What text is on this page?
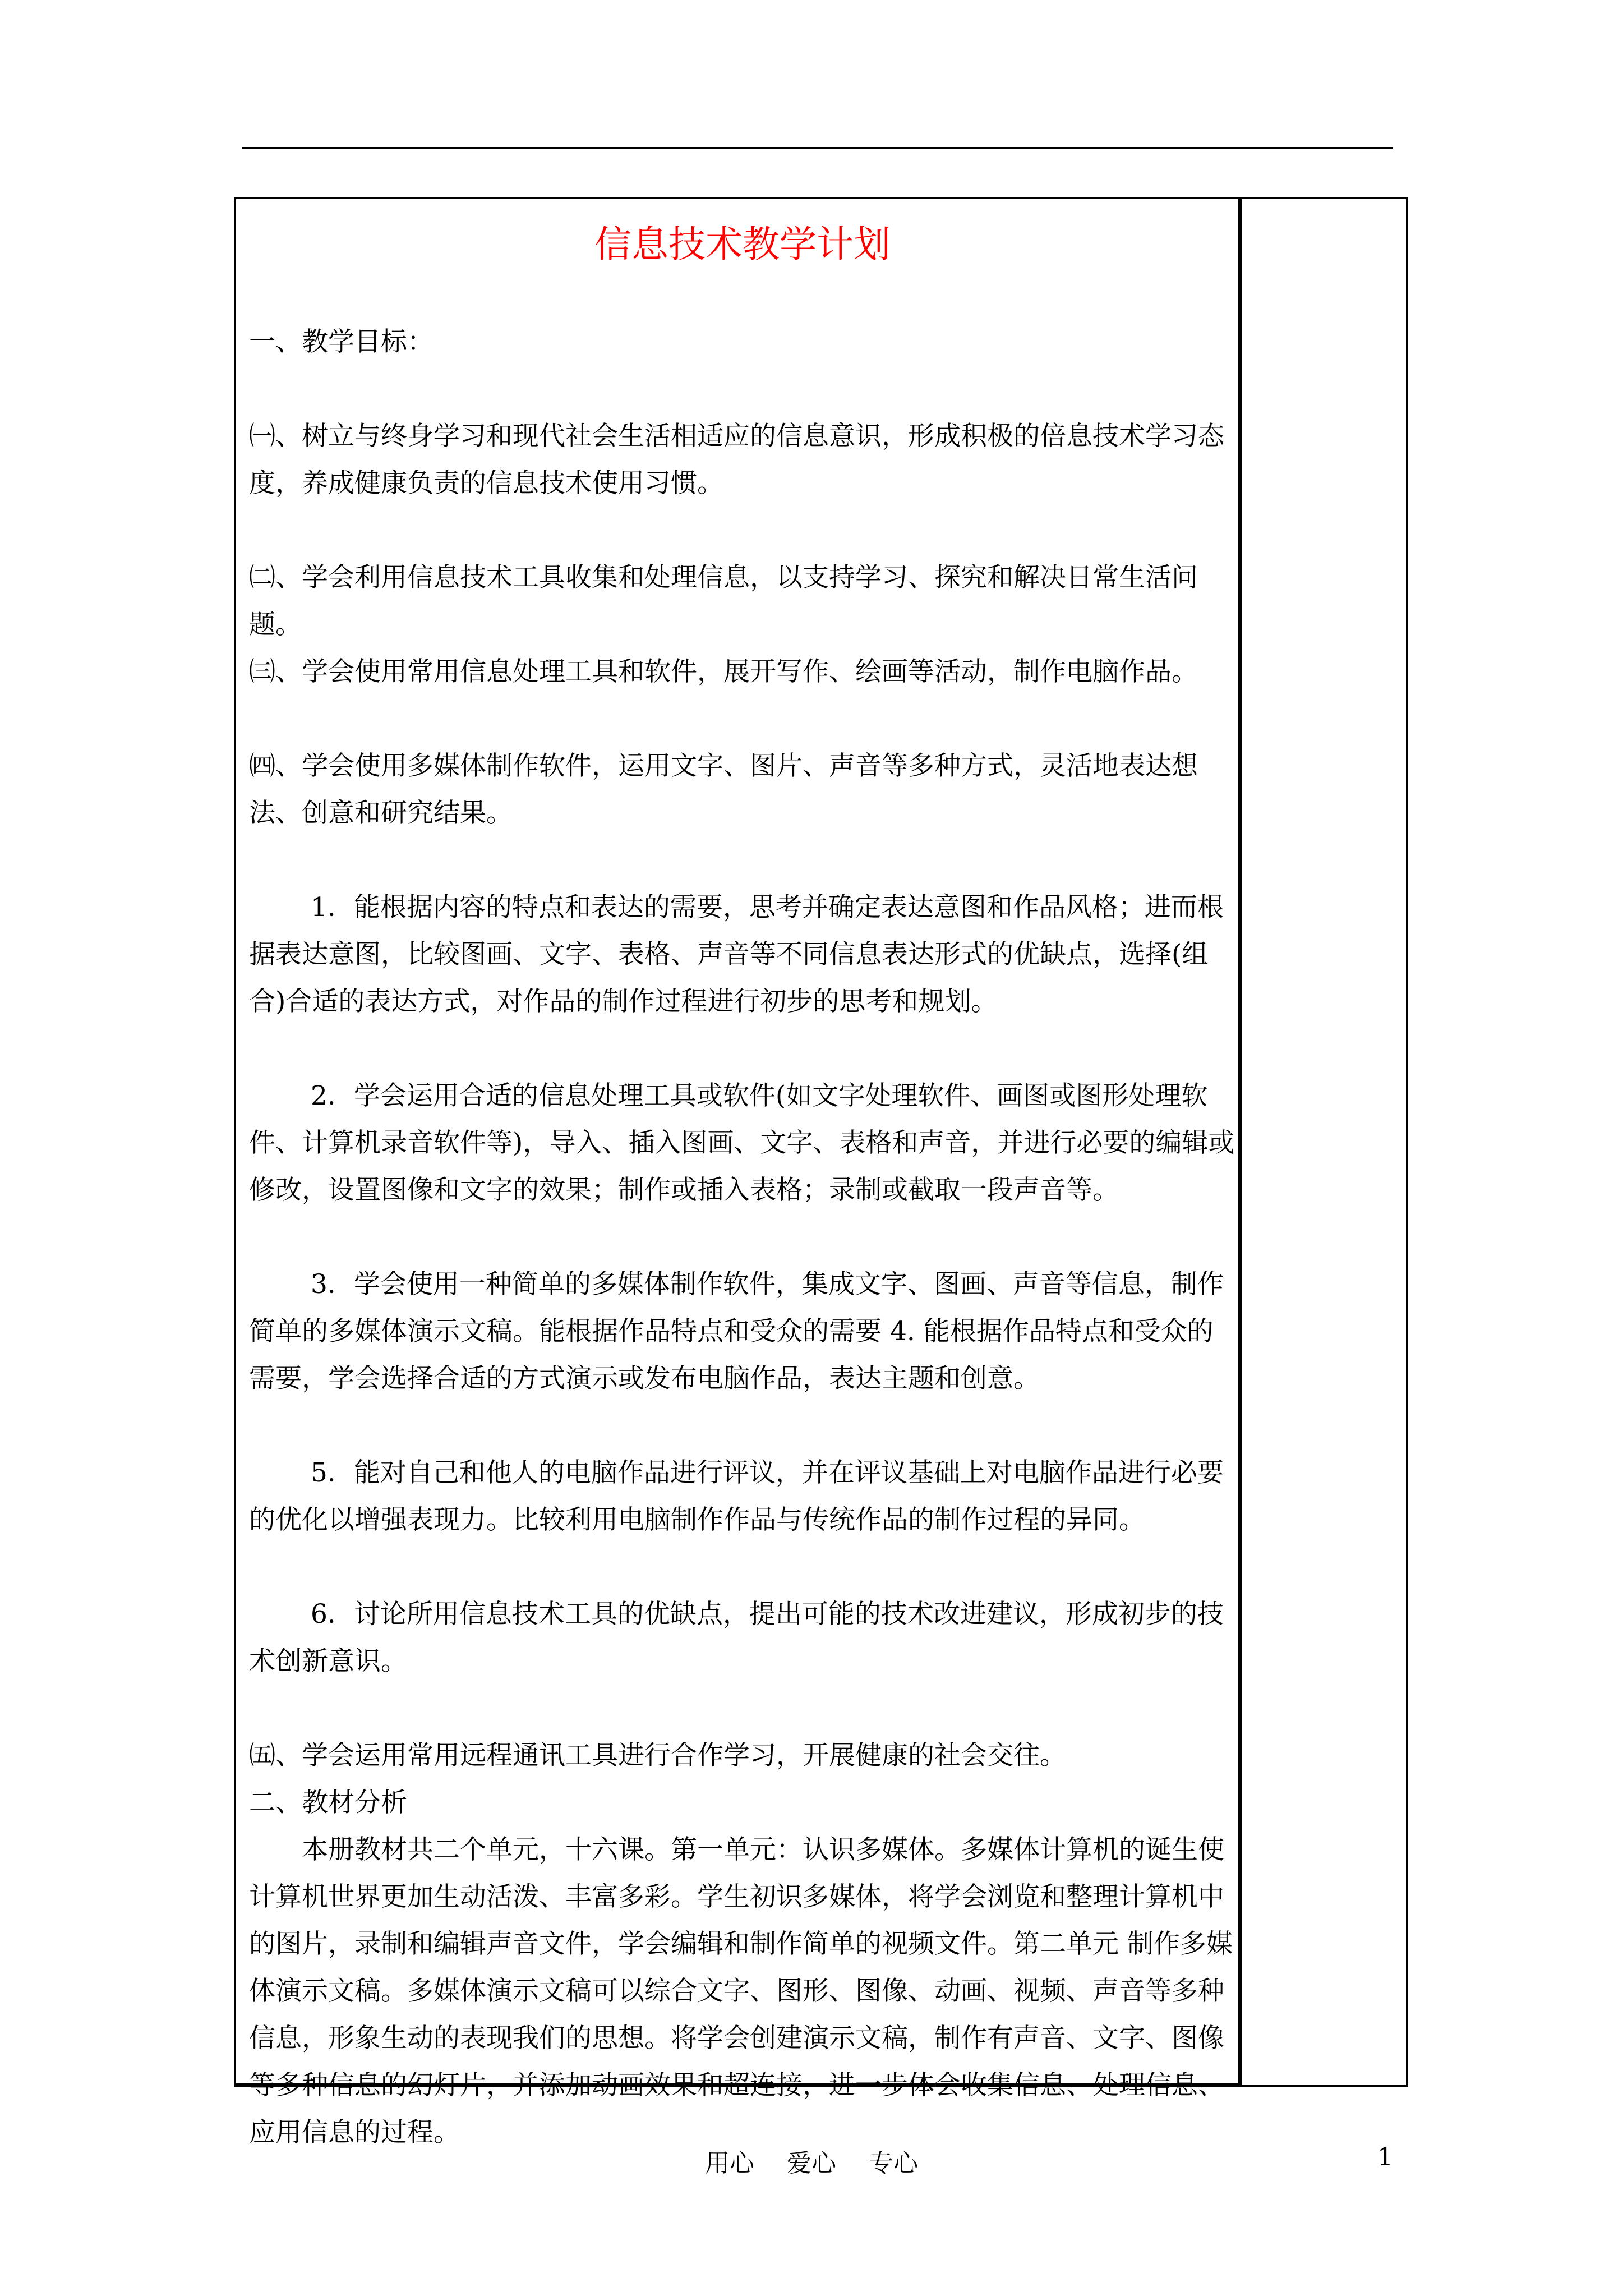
信息技术教学计划

一、教学目标：

㈠、树立与终身学习和现代社会生活相适应的信息意识，形成积极的倍息技术学习态度，养成健康负责的信息技术使用习惯。

㈡、学会利用信息技术工具收集和处理信息，以支持学习、探究和解决日常生活问题。

㈢、学会使用常用信息处理工具和软件，展开写作、绘画等活动，制作电脑作品。

㈣、学会使用多媒体制作软件，运用文字、图片、声音等多种方式，灵活地表达想法、创意和研究结果。

1．能根据内容的特点和表达的需要，思考并确定表达意图和作品风格；进而根据表达意图，比较图画、文字、表格、声音等不同信息表达形式的优缺点，选择(组合)合适的表达方式，对作品的制作过程进行初步的思考和规划。

2．学会运用合适的信息处理工具或软件(如文字处理软件、画图或图形处理软件、计算机录音软件等)，导入、插入图画、文字、表格和声音，并进行必要的编辑或修改，设置图像和文字的效果；制作或插入表格；录制或截取一段声音等。

3．学会使用一种简单的多媒体制作软件，集成文字、图画、声音等信息，制作简单的多媒体演示文稿。能根据作品特点和受众的需要 4. 能根据作品特点和受众的需要，学会选择合适的方式演示或发布电脑作品，表达主题和创意。

5．能对自己和他人的电脑作品进行评议，并在评议基础上对电脑作品进行必要的优化以增强表现力。比较利用电脑制作作品与传统作品的制作过程的异同。

6．讨论所用信息技术工具的优缺点，提出可能的技术改进建议，形成初步的技术创新意识。

㈤、学会运用常用远程通讯工具进行合作学习，开展健康的社会交往。

二、教材分析

本册教材共二个单元，十六课。第一单元：认识多媒体。多媒体计算机的诞生使计算机世界更加生动活泼、丰富多彩。学生初识多媒体，将学会浏览和整理计算机中的图片，录制和编辑声音文件，学会编辑和制作简单的视频文件。第二单元 制作多媒体演示文稿。多媒体演示文稿可以综合文字、图形、图像、动画、视频、声音等多种信息，形象生动的表现我们的思想。将学会创建演示文稿，制作有声音、文字、图像等多种信息的幻灯片，并添加动画效果和超连接，进一步体会收集信息、处理信息、应用信息的过程。

用心 爱心 专心	1
